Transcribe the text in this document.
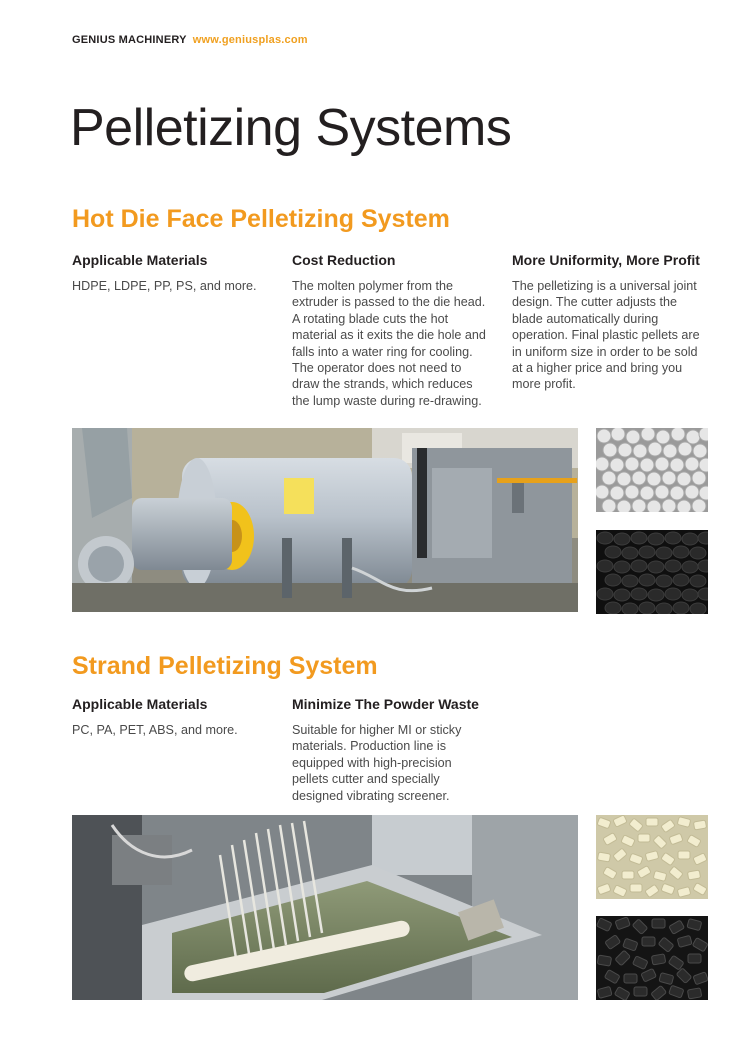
GENIUS MACHINERY www.geniusplas.com
Pelletizing Systems
Hot Die Face Pelletizing System
Applicable Materials

HDPE, LDPE, PP, PS, and more.

Cost Reduction

The molten polymer from the extruder is passed to the die head. A rotating blade cuts the hot material as it exits the die hole and falls into a water ring for cooling. The operator does not need to draw the strands, which reduces the lump waste during re-drawing.

More Uniformity, More Profit

The pelletizing is a universal joint design. The cutter adjusts the blade automatically during operation. Final plastic pellets are in uniform size in order to be sold at a higher price and bring you more profit.

Strand Pelletizing System
Applicable Materials

PC, PA, PET, ABS, and more.

Minimize The Powder Waste

Suitable for higher MI or sticky materials. Production line is equipped with high-precision pellets cutter and specially designed vibrating screener.
